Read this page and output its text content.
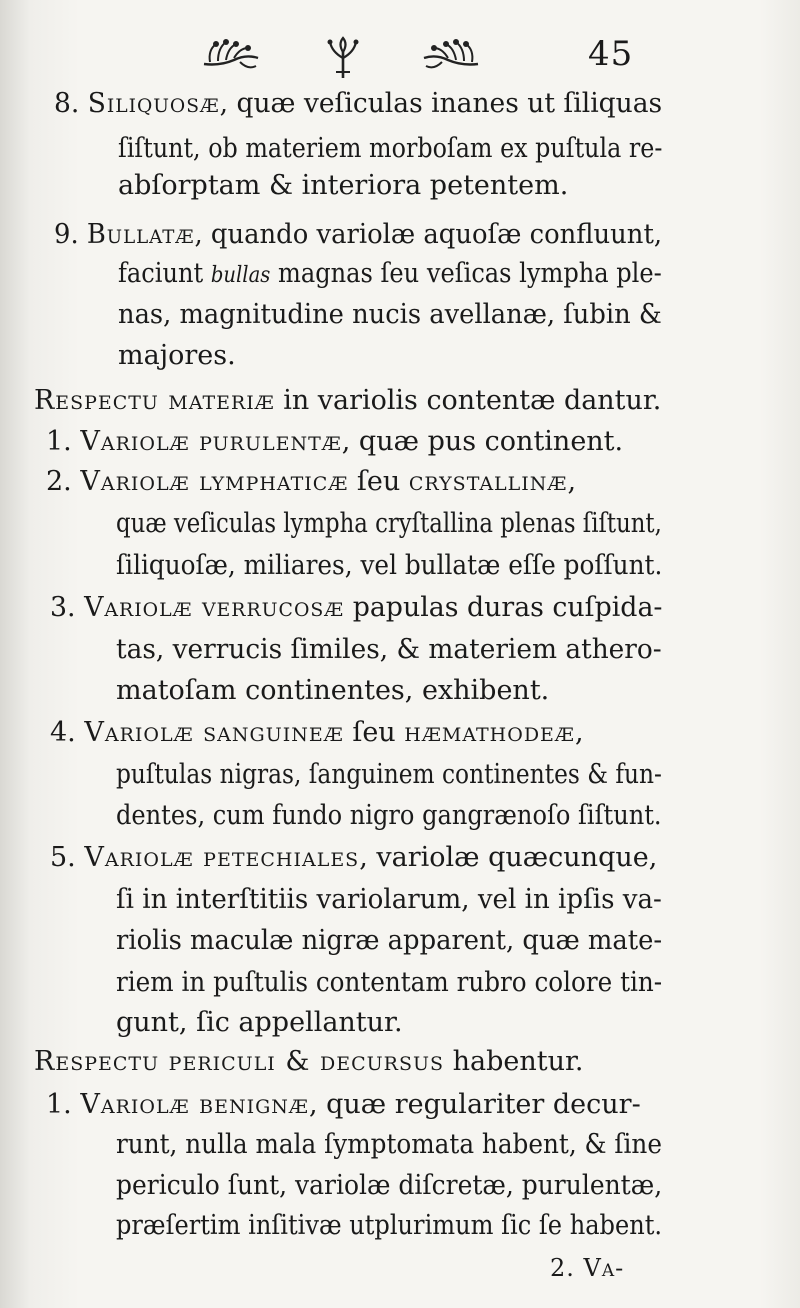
45
8. Siliquosæ, quæ veſiculas inanes ut ſiliquas
ſiſtunt, ob materiem morboſam ex puſtula re-
abſorptam & interiora petentem.
9. Bullatæ, quando variolæ aquoſæ confluunt,
faciunt bullas magnas ſeu veſicas lympha ple-
nas, magnitudine nucis avellanæ, ſubin &
majores.
Respectu materiæ in variolis contentæ dantur.
1. Variolæ purulentæ, quæ pus continent.
2. Variolæ lymphaticæ ſeu crystallinæ,
quæ veſiculas lympha cryſtallina plenas ſiſtunt,
ſiliquoſæ, miliares, vel bullatæ eſſe poſſunt.
3. Variolæ verrucosæ papulas duras cuſpida-
tas, verrucis ſimiles, & materiem athero-
matoſam continentes, exhibent.
4. Variolæ sanguineæ ſeu hæmathodeæ,
puſtulas nigras, ſanguinem continentes & fun-
dentes, cum fundo nigro gangrænoſo ſiſtunt.
5. Variolæ petechiales, variolæ quæcunque,
ſi in interſtitiis variolarum, vel in ipſis va-
riolis maculæ nigræ apparent, quæ mate-
riem in puſtulis contentam rubro colore tin-
gunt, ſic appellantur.
Respectu periculi & decursus habentur.
1. Variolæ benignæ, quæ regulariter decur-
runt, nulla mala ſymptomata habent, & ſine
periculo ſunt, variolæ diſcretæ, purulentæ,
præſertim inſitivæ utplurimum ſic ſe habent.
2. Va-
